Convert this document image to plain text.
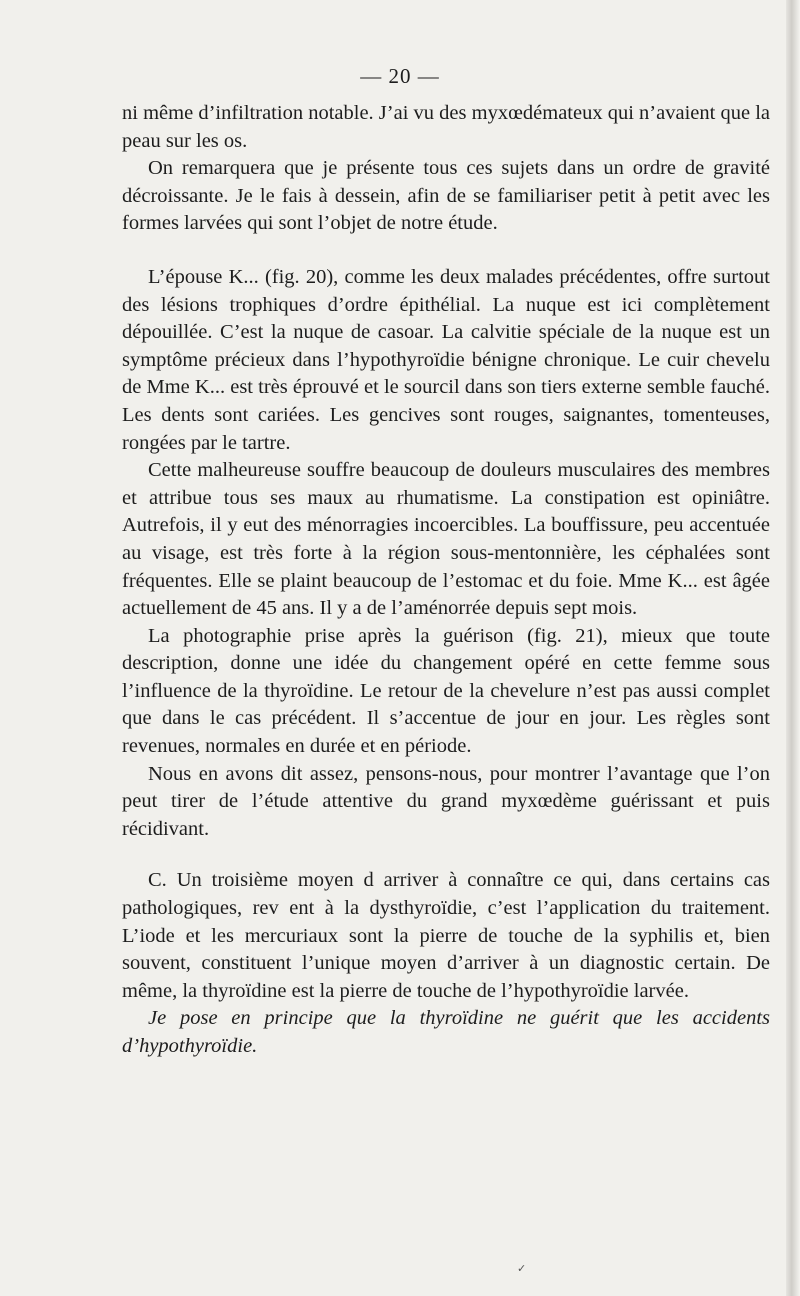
— 20 —

ni même d’infiltration notable. J’ai vu des myxœdémateux qui n’avaient que la peau sur les os.

On remarquera que je présente tous ces sujets dans un ordre de gravité décroissante. Je le fais à dessein, afin de se familiariser petit à petit avec les formes larvées qui sont l’objet de notre étude.

L’épouse K... (fig. 20), comme les deux malades précédentes, offre surtout des lésions trophiques d’ordre épithélial. La nuque est ici complètement dépouillée. C’est la nuque de casoar. La calvitie spéciale de la nuque est un symptôme précieux dans l’hypothyroïdie bénigne chronique. Le cuir chevelu de Mme K... est très éprouvé et le sourcil dans son tiers externe semble fauché. Les dents sont cariées. Les gencives sont rouges, saignantes, tomenteuses, rongées par le tartre.

Cette malheureuse souffre beaucoup de douleurs musculaires des membres et attribue tous ses maux au rhumatisme. La constipation est opiniâtre. Autrefois, il y eut des ménorragies incoercibles. La bouffissure, peu accentuée au visage, est très forte à la région sous-mentonnière, les céphalées sont fréquentes. Elle se plaint beaucoup de l’estomac et du foie. Mme K... est âgée actuellement de 45 ans. Il y a de l’aménorrée depuis sept mois.

La photographie prise après la guérison (fig. 21), mieux que toute description, donne une idée du changement opéré en cette femme sous l’influence de la thyroïdine. Le retour de la chevelure n’est pas aussi complet que dans le cas précédent. Il s’accentue de jour en jour. Les règles sont revenues, normales en durée et en période.

Nous en avons dit assez, pensons-nous, pour montrer l’avantage que l’on peut tirer de l’étude attentive du grand myxœdème guérissant et puis récidivant.

C. Un troisième moyen d arriver à connaître ce qui, dans certains cas pathologiques, rev ent à la dysthyroïdie, c’est l’application du traitement. L’iode et les mercuriaux sont la pierre de touche de la syphilis et, bien souvent, constituent l’unique moyen d’arriver à un diagnostic certain. De même, la thyroïdine est la pierre de touche de l’hypothyroïdie larvée.

Je pose en principe que la thyroïdine ne guérit que les accidents d’hypothyroïdie.

✓
